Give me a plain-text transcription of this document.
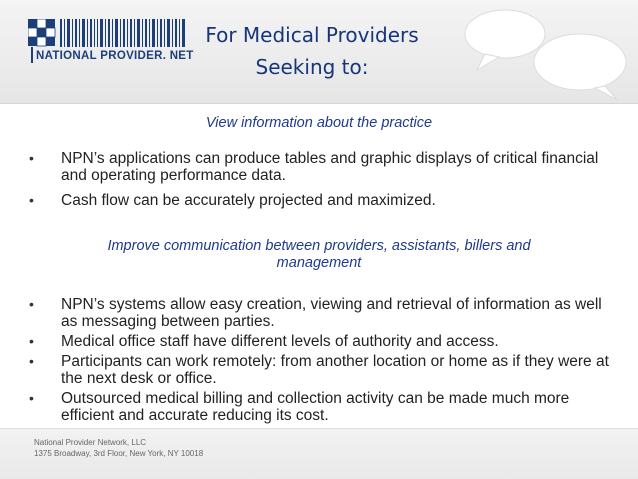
NATIONAL PROVIDER. NET
For Medical Providers
Seeking to:
View information about the practice
• NPN’s applications can produce tables and graphic displays of critical financial and operating performance data.
• Cash flow can be accurately projected and maximized.
Improve communication between providers, assistants, billers and
management
• NPN’s systems allow easy creation, viewing and retrieval of information as well as messaging between parties.
• Medical office staff have different levels of authority and access.
• Participants can work remotely: from another location or home as if they were at the next desk or office.
• Outsourced medical billing and collection activity can be made much more efficient and accurate reducing its cost.
National Provider Network, LLC
1375 Broadway, 3rd Floor, New York, NY 10018
